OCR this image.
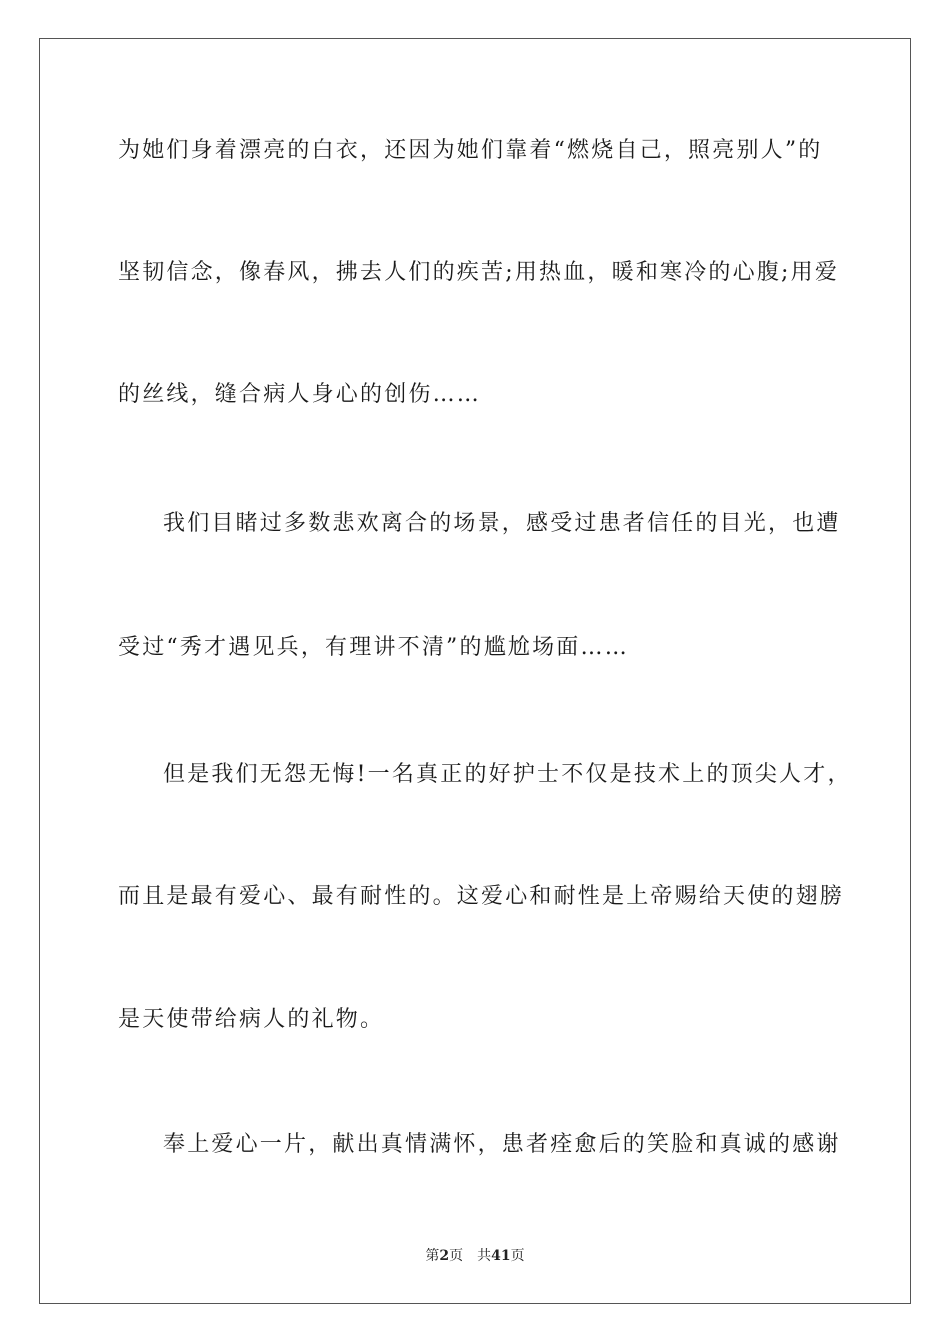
为她们身着漂亮的白衣，还因为她们靠着“燃烧自己，照亮别人”的
坚韧信念，像春风，拂去人们的疾苦;用热血，暖和寒冷的心腹;用爱
的丝线，缝合病人身心的创伤……
我们目睹过多数悲欢离合的场景，感受过患者信任的目光，也遭
受过“秀才遇见兵，有理讲不清”的尴尬场面……
但是我们无怨无悔!一名真正的好护士不仅是技术上的顶尖人才，
而且是最有爱心、最有耐性的。这爱心和耐性是上帝赐给天使的翅膀
是天使带给病人的礼物。
奉上爱心一片，献出真情满怀，患者痊愈后的笑脸和真诚的感谢
第2页 共41页
